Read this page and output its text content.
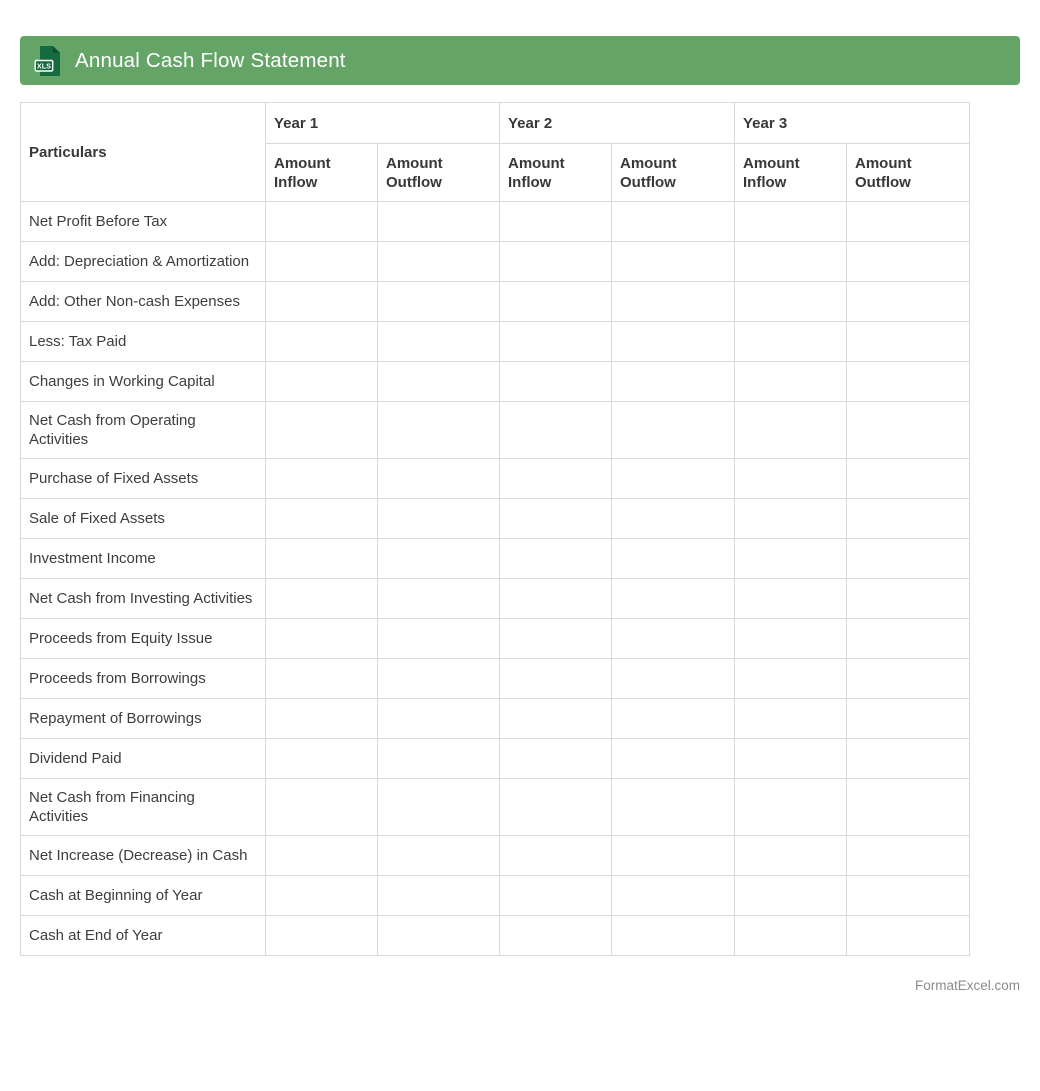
XLS Annual Cash Flow Statement
Particulars	Year 1		Year 2		Year 3	
	Amount Inflow	Amount Outflow	Amount Inflow	Amount Outflow	Amount Inflow	Amount Outflow
Net Profit Before Tax						
Add: Depreciation & Amortization						
Add: Other Non-cash Expenses						
Less: Tax Paid						
Changes in Working Capital						
Net Cash from Operating Activities						
Purchase of Fixed Assets						
Sale of Fixed Assets						
Investment Income						
Net Cash from Investing Activities						
Proceeds from Equity Issue						
Proceeds from Borrowings						
Repayment of Borrowings						
Dividend Paid						
Net Cash from Financing Activities						
Net Increase (Decrease) in Cash						
Cash at Beginning of Year						
Cash at End of Year						
FormatExcel.com
